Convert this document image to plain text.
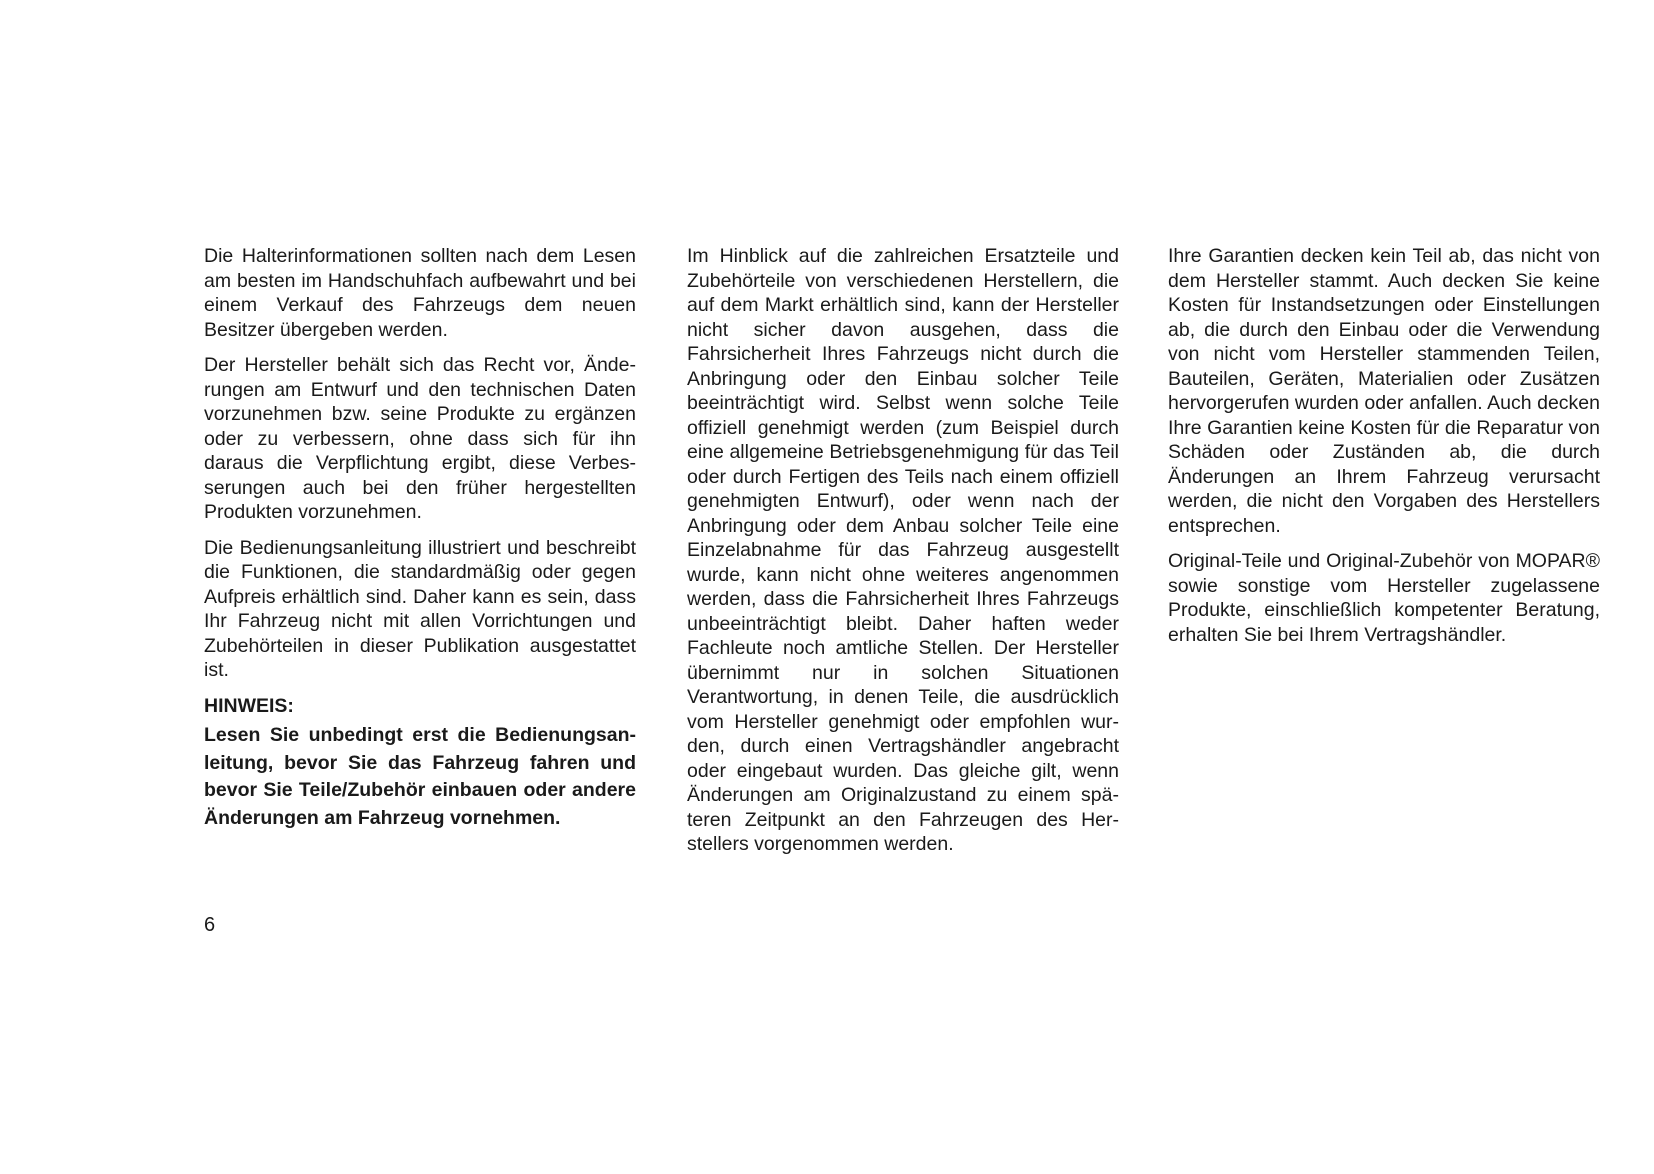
Die Halterinformationen sollten nach dem Lesen am besten im Handschuhfach aufbewahrt und bei einem Verkauf des Fahrzeugs dem neuen Besitzer übergeben werden.

Der Hersteller behält sich das Recht vor, Änderungen am Entwurf und den technischen Daten vorzunehmen bzw. seine Produkte zu ergänzen oder zu verbessern, ohne dass sich für ihn daraus die Verpflichtung ergibt, diese Verbesserungen auch bei den früher hergestellten Produkten vorzunehmen.

Die Bedienungsanleitung illustriert und beschreibt die Funktionen, die standardmäßig oder gegen Aufpreis erhältlich sind. Daher kann es sein, dass Ihr Fahrzeug nicht mit allen Vorrichtungen und Zubehörteilen in dieser Publikation ausgestattet ist.

HINWEIS:

Lesen Sie unbedingt erst die Bedienungsanleitung, bevor Sie das Fahrzeug fahren und bevor Sie Teile/Zubehör einbauen oder andere Änderungen am Fahrzeug vornehmen.

Im Hinblick auf die zahlreichen Ersatzteile und Zubehörteile von verschiedenen Herstellern, die auf dem Markt erhältlich sind, kann der Hersteller nicht sicher davon ausgehen, dass die Fahrsicherheit Ihres Fahrzeugs nicht durch die Anbringung oder den Einbau solcher Teile beeinträchtigt wird. Selbst wenn solche Teile offiziell genehmigt werden (zum Beispiel durch eine allgemeine Betriebsgenehmigung für das Teil oder durch Fertigen des Teils nach einem offiziell genehmigten Entwurf), oder wenn nach der Anbringung oder dem Anbau solcher Teile eine Einzelabnahme für das Fahrzeug ausgestellt wurde, kann nicht ohne weiteres angenommen werden, dass die Fahrsicherheit Ihres Fahrzeugs unbeeinträchtigt bleibt. Daher haften weder Fachleute noch amtliche Stellen. Der Hersteller übernimmt nur in solchen Situationen Verantwortung, in denen Teile, die ausdrücklich vom Hersteller genehmigt oder empfohlen wurden, durch einen Vertragshändler angebracht oder eingebaut wurden. Das gleiche gilt, wenn Änderungen am Originalzustand zu einem späteren Zeitpunkt an den Fahrzeugen des Herstellers vorgenommen werden.

Ihre Garantien decken kein Teil ab, das nicht von dem Hersteller stammt. Auch decken Sie keine Kosten für Instandsetzungen oder Einstellungen ab, die durch den Einbau oder die Verwendung von nicht vom Hersteller stammenden Teilen, Bauteilen, Geräten, Materialien oder Zusätzen hervorgerufen wurden oder anfallen. Auch decken Ihre Garantien keine Kosten für die Reparatur von Schäden oder Zuständen ab, die durch Änderungen an Ihrem Fahrzeug verursacht werden, die nicht den Vorgaben des Herstellers entsprechen.

Original-Teile und Original-Zubehör von MOPAR® sowie sonstige vom Hersteller zugelassene Produkte, einschließlich kompetenter Beratung, erhalten Sie bei Ihrem Vertragshändler.

6
